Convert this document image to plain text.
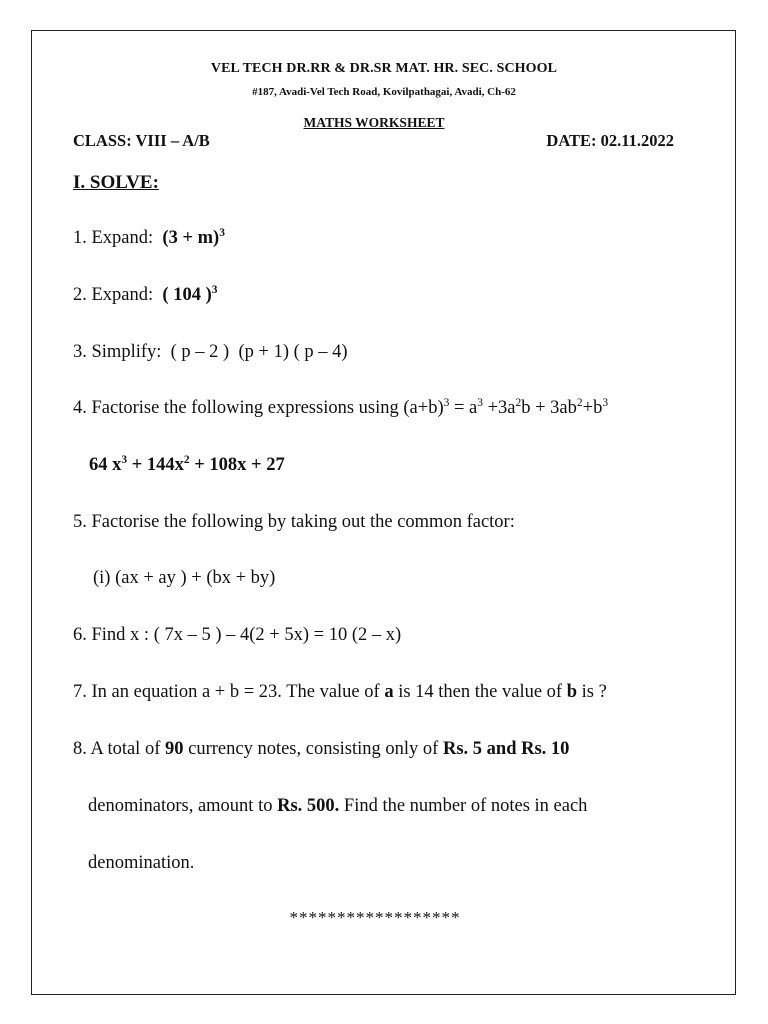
VEL TECH DR.RR & DR.SR MAT. HR. SEC. SCHOOL
#187, Avadi-Vel Tech Road, Kovilpathagai, Avadi, Ch-62
MATHS WORKSHEET
CLASS: VIII – A/B	DATE: 02.11.2022
I. SOLVE:
1. Expand: $(3 + m)^3$
2. Expand: ( 104 )$^3$
3. Simplify:  ( p – 2 )  (p + 1) ( p – 4)
4. Factorise the following expressions using $(a+b)^3 = a^3 +3a^2b + 3ab^2+b^3$
64 $x^3 + 144x^2 + 108x + 27$
5. Factorise the following by taking out the common factor:
(i) (ax + ay ) + (bx + by)
6. Find x : ( 7x – 5 ) – 4(2 + 5x) = 10 (2 – x)
7. In an equation a + b = 23. The value of a is 14 then the value of b is ?
8. A total of 90 currency notes, consisting only of Rs. 5 and Rs. 10
denominators, amount to Rs. 500. Find the number of notes in each
denomination.
******************
